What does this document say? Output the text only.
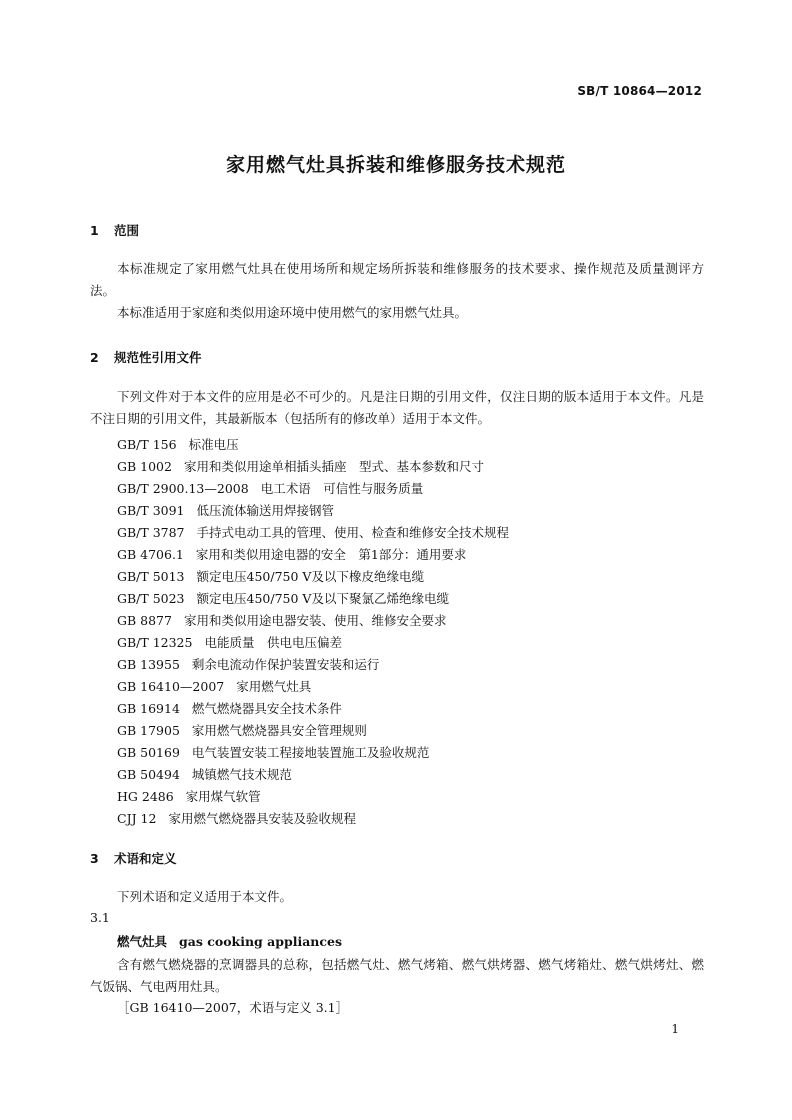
SB/T 10864—2012
家用燃气灶具拆装和维修服务技术规范
1 范围
本标准规定了家用燃气灶具在使用场所和规定场所拆装和维修服务的技术要求、操作规范及质量测评方法。
本标准适用于家庭和类似用途环境中使用燃气的家用燃气灶具。
2 规范性引用文件
下列文件对于本文件的应用是必不可少的。凡是注日期的引用文件，仅注日期的版本适用于本文件。凡是不注日期的引用文件，其最新版本（包括所有的修改单）适用于本文件。
GB/T 156 标准电压
GB 1002 家用和类似用途单相插头插座　型式、基本参数和尺寸
GB/T 2900.13—2008 电工术语　可信性与服务质量
GB/T 3091 低压流体输送用焊接钢管
GB/T 3787 手持式电动工具的管理、使用、检查和维修安全技术规程
GB 4706.1 家用和类似用途电器的安全　第1部分：通用要求
GB/T 5013 额定电压450/750 V及以下橡皮绝缘电缆
GB/T 5023 额定电压450/750 V及以下聚氯乙烯绝缘电缆
GB 8877 家用和类似用途电器安装、使用、维修安全要求
GB/T 12325 电能质量　供电电压偏差
GB 13955 剩余电流动作保护装置安装和运行
GB 16410—2007 家用燃气灶具
GB 16914 燃气燃烧器具安全技术条件
GB 17905 家用燃气燃烧器具安全管理规则
GB 50169 电气装置安装工程接地装置施工及验收规范
GB 50494 城镇燃气技术规范
HG 2486 家用煤气软管
CJJ 12 家用燃气燃烧器具安装及验收规程
3 术语和定义
下列术语和定义适用于本文件。
3.1
燃气灶具 gas cooking appliances
含有燃气燃烧器的烹调器具的总称，包括燃气灶、燃气烤箱、燃气烘烤器、燃气烤箱灶、燃气烘烤灶、燃气饭锅、气电两用灶具。
［GB 16410—2007，术语与定义 3.1］
1
